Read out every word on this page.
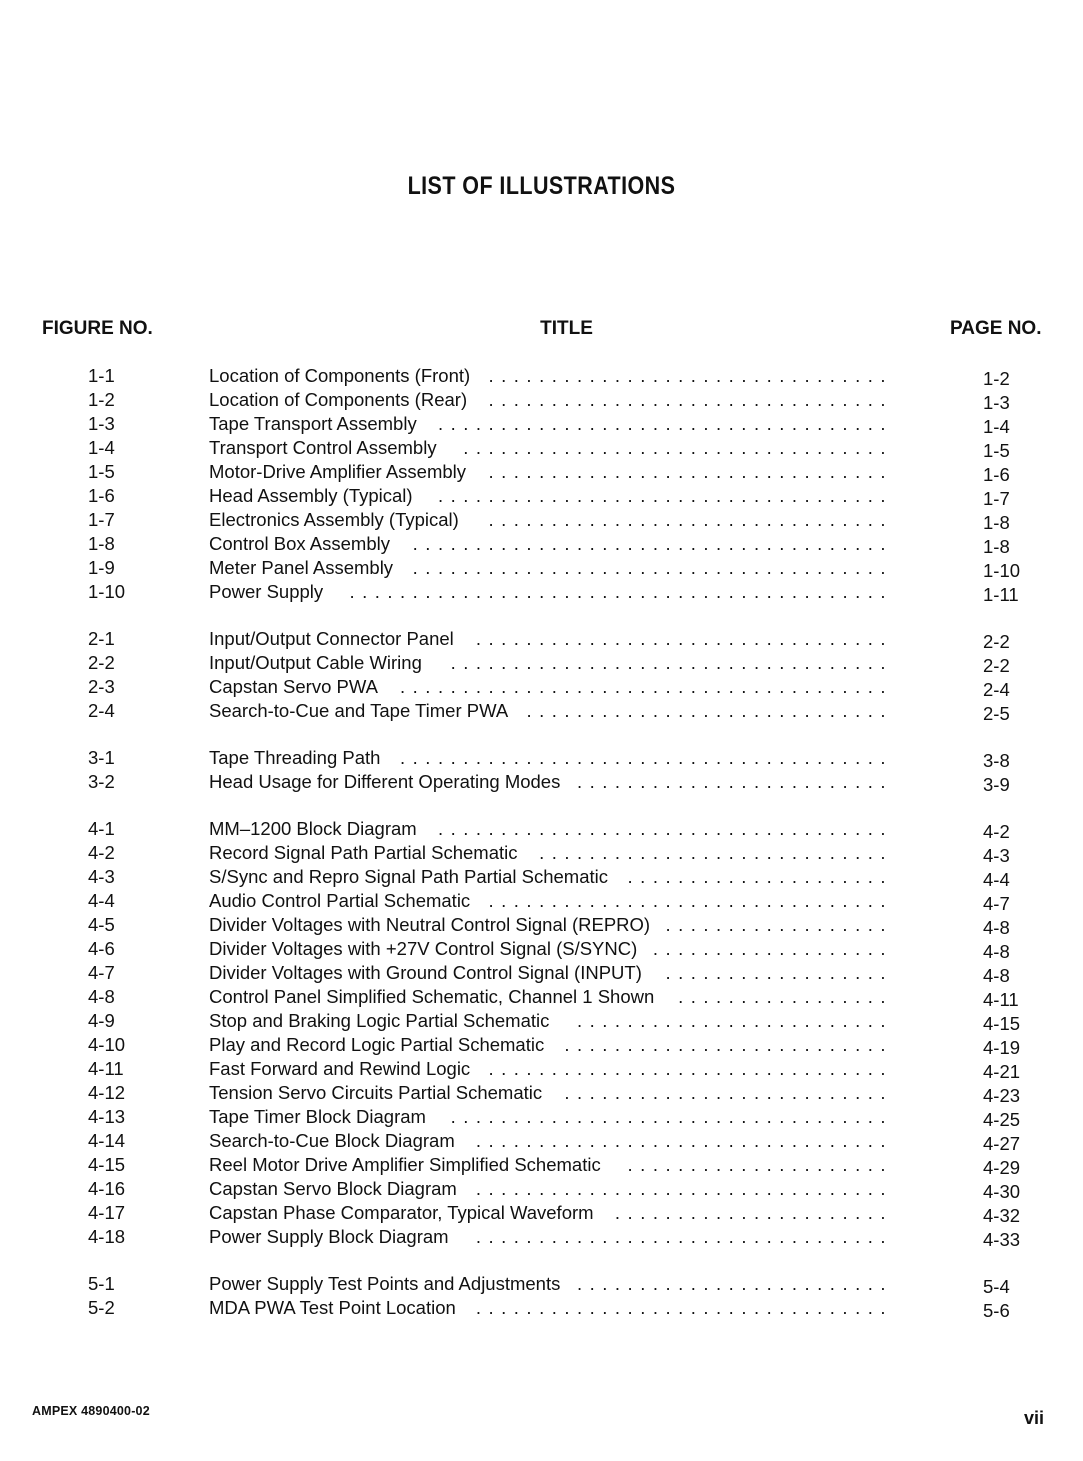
LIST OF ILLUSTRATIONS
FIGURE NO.	TITLE	PAGE NO.
1-1	Location of Components (Front) ................................	1-2
1-2	Location of Components (Rear) ................................	1-3
1-3	Tape Transport Assembly ....................................	1-4
1-4	Transport Control Assembly ..................................	1-5
1-5	Motor-Drive Amplifier Assembly ................................	1-6
1-6	Head Assembly (Typical) ....................................	1-7
1-7	Electronics Assembly (Typical) ................................	1-8
1-8	Control Box Assembly ......................................	1-8
1-9	Meter Panel Assembly ......................................	1-10
1-10	Power Supply ...........................................	1-11
2-1	Input/Output Connector Panel .................................	2-2
2-2	Input/Output Cable Wiring ...................................	2-2
2-3	Capstan Servo PWA .......................................	2-4
2-4	Search-to-Cue and Tape Timer PWA .............................	2-5
3-1	Tape Threading Path .......................................	3-8
3-2	Head Usage for Different Operating Modes .........................	3-9
4-1	MM–1200 Block Diagram ....................................	4-2
4-2	Record Signal Path Partial Schematic ............................	4-3
4-3	S/Sync and Repro Signal Path Partial Schematic .....................	4-4
4-4	Audio Control Partial Schematic ................................	4-7
4-5	Divider Voltages with Neutral Control Signal (REPRO) ..................	4-8
4-6	Divider Voltages with +27V Control Signal (S/SYNC) ...................	4-8
4-7	Divider Voltages with Ground Control Signal (INPUT) ..................	4-8
4-8	Control Panel Simplified Schematic, Channel 1 Shown .................	4-11
4-9	Stop and Braking Logic Partial Schematic .........................	4-15
4-10	Play and Record Logic Partial Schematic ..........................	4-19
4-11	Fast Forward and Rewind Logic ................................	4-21
4-12	Tension Servo Circuits Partial Schematic ..........................	4-23
4-13	Tape Timer Block Diagram ...................................	4-25
4-14	Search-to-Cue Block Diagram .................................	4-27
4-15	Reel Motor Drive Amplifier Simplified Schematic .....................	4-29
4-16	Capstan Servo Block Diagram .................................	4-30
4-17	Capstan Phase Comparator, Typical Waveform ......................	4-32
4-18	Power Supply Block Diagram .................................	4-33
5-1	Power Supply Test Points and Adjustments .........................	5-4
5-2	MDA PWA Test Point Location .................................	5-6
AMPEX 4890400-02	vii
